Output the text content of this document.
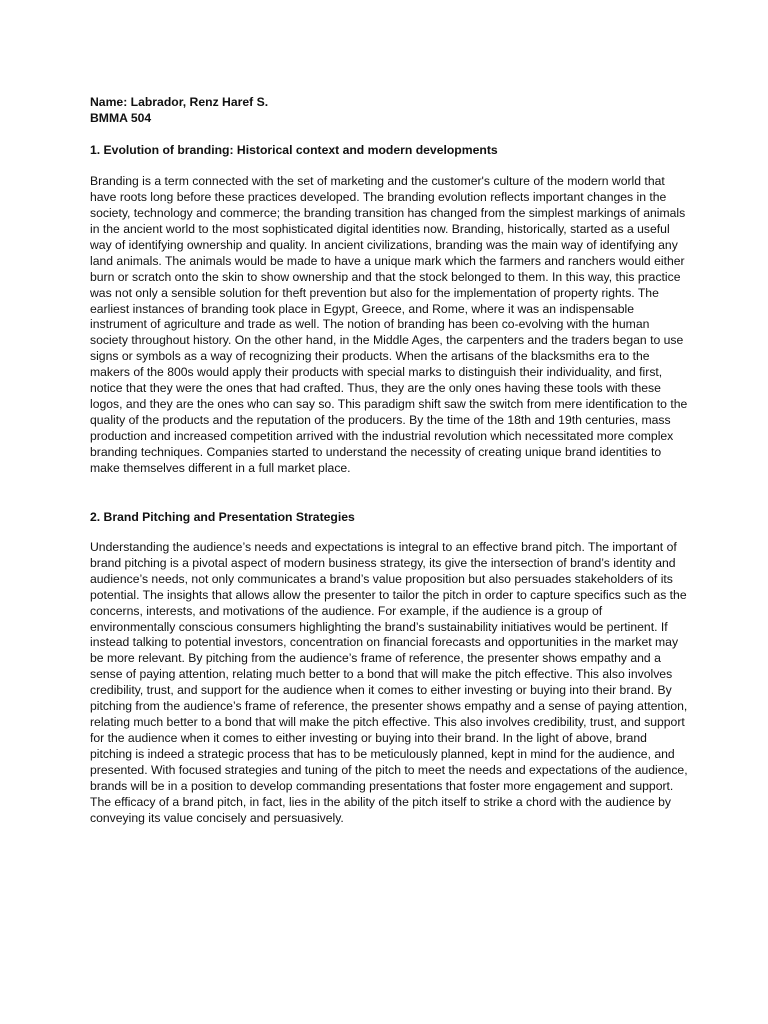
Name: Labrador, Renz Haref S.

BMMA 504

1. Evolution of branding: Historical context and modern developments

Branding is a term connected with the set of marketing and the customer's culture of the modern world that have roots long before these practices developed. The branding evolution reflects important changes in the society, technology and commerce; the branding transition has changed from the simplest markings of animals in the ancient world to the most sophisticated digital identities now. Branding, historically, started as a useful way of identifying ownership and quality. In ancient civilizations, branding was the main way of identifying any land animals. The animals would be made to have a unique mark which the farmers and ranchers would either burn or scratch onto the skin to show ownership and that the stock belonged to them. In this way, this practice was not only a sensible solution for theft prevention but also for the implementation of property rights. The earliest instances of branding took place in Egypt, Greece, and Rome, where it was an indispensable instrument of agriculture and trade as well. The notion of branding has been co-evolving with the human society throughout history. On the other hand, in the Middle Ages, the carpenters and the traders began to use signs or symbols as a way of recognizing their products. When the artisans of the blacksmiths era to the makers of the 800s would apply their products with special marks to distinguish their individuality, and first, notice that they were the ones that had crafted. Thus, they are the only ones having these tools with these logos, and they are the ones who can say so. This paradigm shift saw the switch from mere identification to the quality of the products and the reputation of the producers. By the time of the 18th and 19th centuries, mass production and increased competition arrived with the industrial revolution which necessitated more complex branding techniques. Companies started to understand the necessity of creating unique brand identities to make themselves different in a full market place.

2. Brand Pitching and Presentation Strategies

Understanding the audience’s needs and expectations is integral to an effective brand pitch. The important of brand pitching is a pivotal aspect of modern business strategy, its give the intersection of brand’s identity and audience’s needs, not only communicates a brand’s value proposition but also persuades stakeholders of its potential. The insights that allows allow the presenter to tailor the pitch in order to capture specifics such as the concerns, interests, and motivations of the audience. For example, if the audience is a group of environmentally conscious consumers highlighting the brand’s sustainability initiatives would be pertinent. If instead talking to potential investors, concentration on financial forecasts and opportunities in the market may be more relevant. By pitching from the audience’s frame of reference, the presenter shows empathy and a sense of paying attention, relating much better to a bond that will make the pitch effective. This also involves credibility, trust, and support for the audience when it comes to either investing or buying into their brand. By pitching from the audience’s frame of reference, the presenter shows empathy and a sense of paying attention, relating much better to a bond that will make the pitch effective. This also involves credibility, trust, and support for the audience when it comes to either investing or buying into their brand. In the light of above, brand pitching is indeed a strategic process that has to be meticulously planned, kept in mind for the audience, and presented. With focused strategies and tuning of the pitch to meet the needs and expectations of the audience, brands will be in a position to develop commanding presentations that foster more engagement and support. The efficacy of a brand pitch, in fact, lies in the ability of the pitch itself to strike a chord with the audience by conveying its value concisely and persuasively.
